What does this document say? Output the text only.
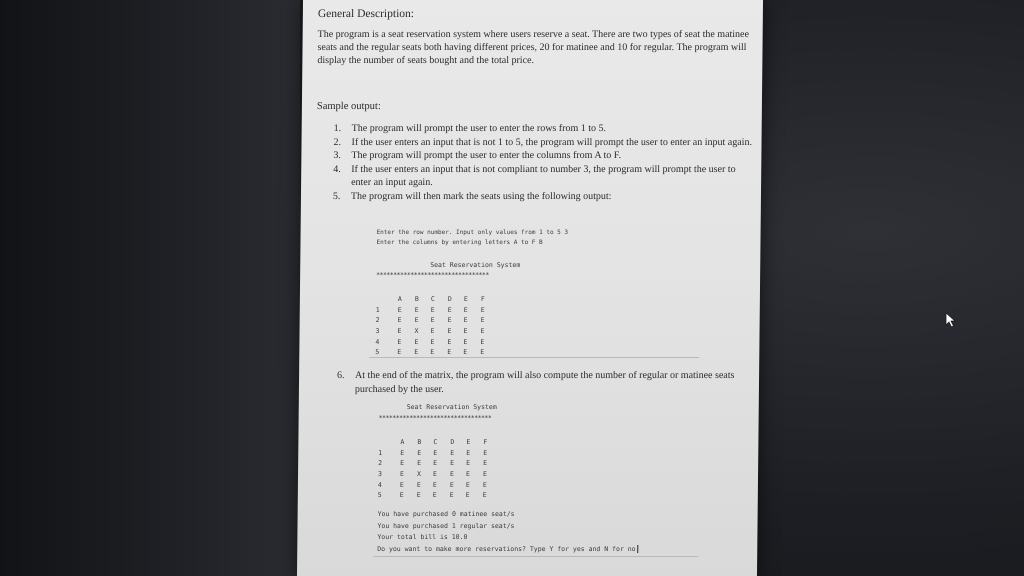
General Description:
The program is a seat reservation system where users reserve a seat. There are two types of seat the matinee seats and the regular seats both having different prices, 20 for matinee and 10 for regular. The program will display the number of seats bought and the total price.
Sample output:
1. The program will prompt the user to enter the rows from 1 to 5.
2. If the user enters an input that is not 1 to 5, the program will prompt the user to enter an input again.
3. The program will prompt the user to enter the columns from A to F.
4. If the user enters an input that is not compliant to number 3, the program will prompt the user to enter an input again.
5. The program will then mark the seats using the following output:
Enter the row number. Input only values from 1 to 5 3
Enter the columns by entering letters A to F B
Seat Reservation System
*********************************
A B C D E F
1	E E E E E E
2	E E E E E E
3	E X E E E E
4	E E E E E E
5	E E E E E E
6. At the end of the matrix, the program will also compute the number of regular or matinee seats purchased by the user.
Seat Reservation System
*********************************
A B C D E F
1	E E E E E E
2	E E E E E E
3	E X E E E E
4	E E E E E E
5	E E E E E E
You have purchased 0 matinee seat/s
You have purchased 1 regular seat/s
Your total bill is 10.0
Do you want to make more reservations? Type Y for yes and N for no
